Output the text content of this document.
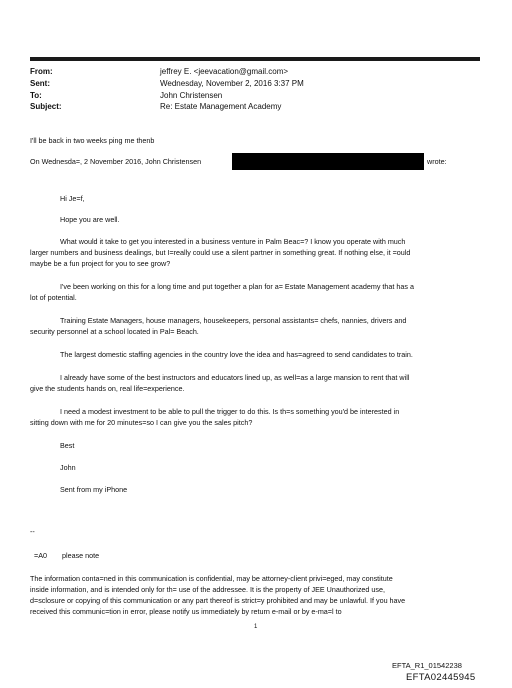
From:	jeffrey E. <jeevacation@gmail.com>
Sent:	Wednesday, November 2, 2016 3:37 PM
To:	John Christensen
Subject:	Re: Estate Management Academy
I'll be back in two weeks ping me thenb
On Wednesda=, 2 November 2016, John Christensen	wrote:
Hi Je=f,
Hope you are well.
What would it take to get you interested in a business venture in Palm Beac=? I know you operate with much
larger numbers and business dealings, but I=really could use a silent partner in something great. If nothing else, it =ould
maybe be a fun project for you to see grow?
I've been working on this for a long time and put together a plan for a= Estate Management academy that has a
lot of potential.
Training Estate Managers, house managers, housekeepers, personal assistants= chefs, nannies, drivers and
security personnel at a school located in Pal= Beach.
The largest domestic staffing agencies in the country love the idea and has=agreed to send candidates to train.
I already have some of the best instructors and educators lined up, as well=as a large mansion to rent that will
give the students hands on, real life=experience.
I need a modest investment to be able to pull the trigger to do this. Is th=s something you'd be interested in
sitting down with me for 20 minutes=so I can give you the sales pitch?
Best
John
Sent from my iPhone
--
=A0 please note
The information conta=ned in this communication is confidential, may be attorney-client privi=eged, may constitute
inside information, and is intended only for th= use of the addressee. It is the property of JEE Unauthorized use,
d=sclosure or copying of this communication or any part thereof is strict=y prohibited and may be unlawful. If you have
received this communic=tion in error, please notify us immediately by return e-mail or by e-ma=l to
1
EFTA_R1_01542238
EFTA02445945
